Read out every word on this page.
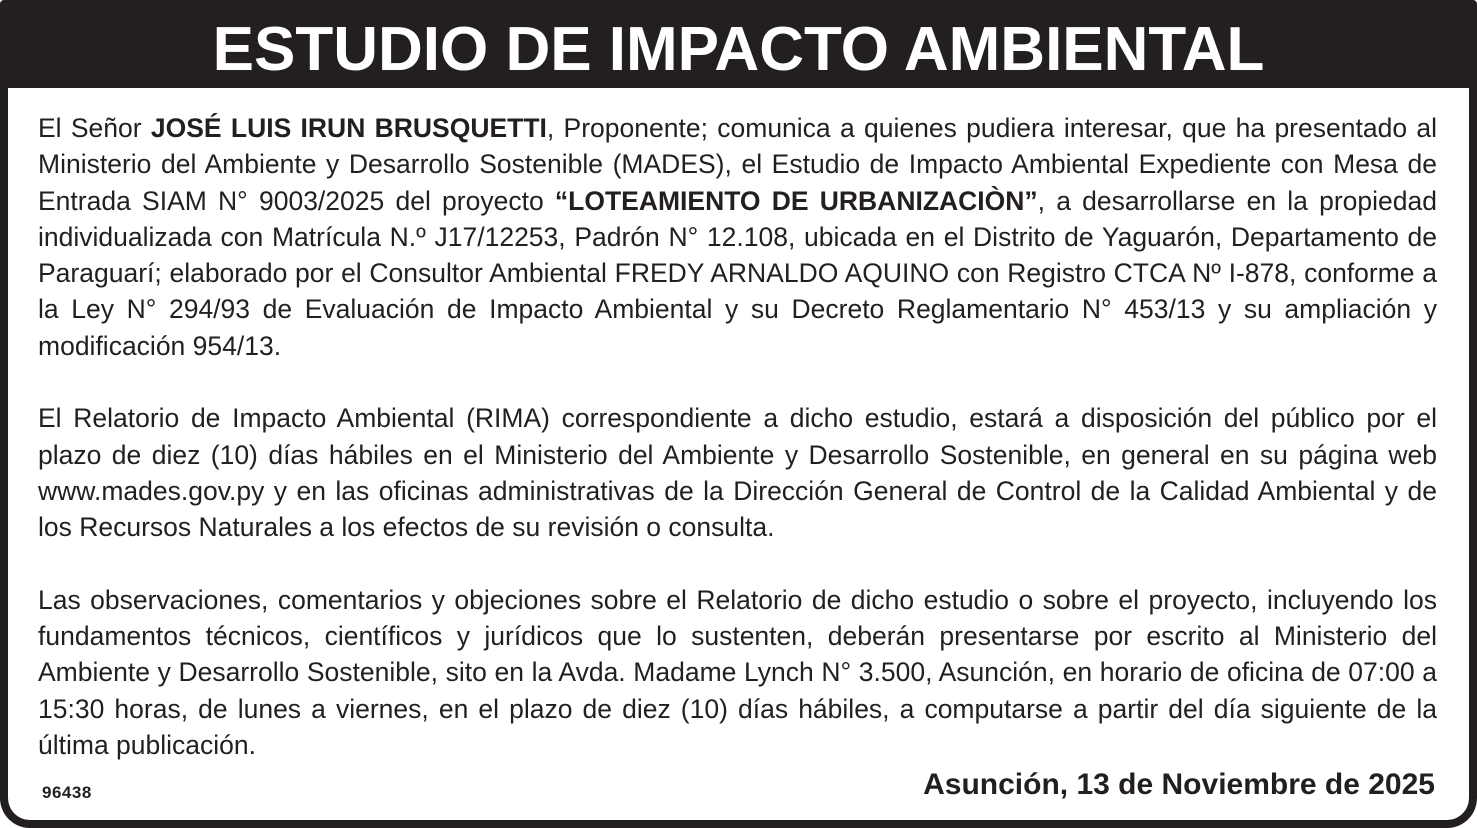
ESTUDIO DE IMPACTO AMBIENTAL

El Señor JOSÉ LUIS IRUN BRUSQUETTI, Proponente; comunica a quienes pudiera interesar, que ha presentado al Ministerio del Ambiente y Desarrollo Sostenible (MADES), el Estudio de Impacto Ambiental Expediente con Mesa de Entrada SIAM N° 9003/2025 del proyecto “LOTEAMIENTO DE URBANIZACIÒN”, a desarrollarse en la propiedad individualizada con Matrícula N.º J17/12253, Padrón N° 12.108, ubicada en el Distrito de Yaguarón, Departamento de Paraguarí; elaborado por el Consultor Ambiental FREDY ARNALDO AQUINO con Registro CTCA Nº I-878, conforme a la Ley N° 294/93 de Evaluación de Impacto Ambiental y su Decreto Reglamentario N° 453/13 y su ampliación y modificación 954/13.

El Relatorio de Impacto Ambiental (RIMA) correspondiente a dicho estudio, estará a disposición del público por el plazo de diez (10) días hábiles en el Ministerio del Ambiente y Desarrollo Sostenible, en general en su página web www.mades.gov.py y en las oficinas administrativas de la Dirección General de Control de la Calidad Ambiental y de los Recursos Naturales a los efectos de su revisión o consulta.

Las observaciones, comentarios y objeciones sobre el Relatorio de dicho estudio o sobre el proyecto, incluyendo los fundamentos técnicos, científicos y jurídicos que lo sustenten, deberán presentarse por escrito al Ministerio del Ambiente y Desarrollo Sostenible, sito en la Avda. Madame Lynch N° 3.500, Asunción, en horario de oficina de 07:00 a 15:30 horas, de lunes a viernes, en el plazo de diez (10) días hábiles, a computarse a partir del día siguiente de la última publicación.

96438	Asunción, 13 de Noviembre de 2025
